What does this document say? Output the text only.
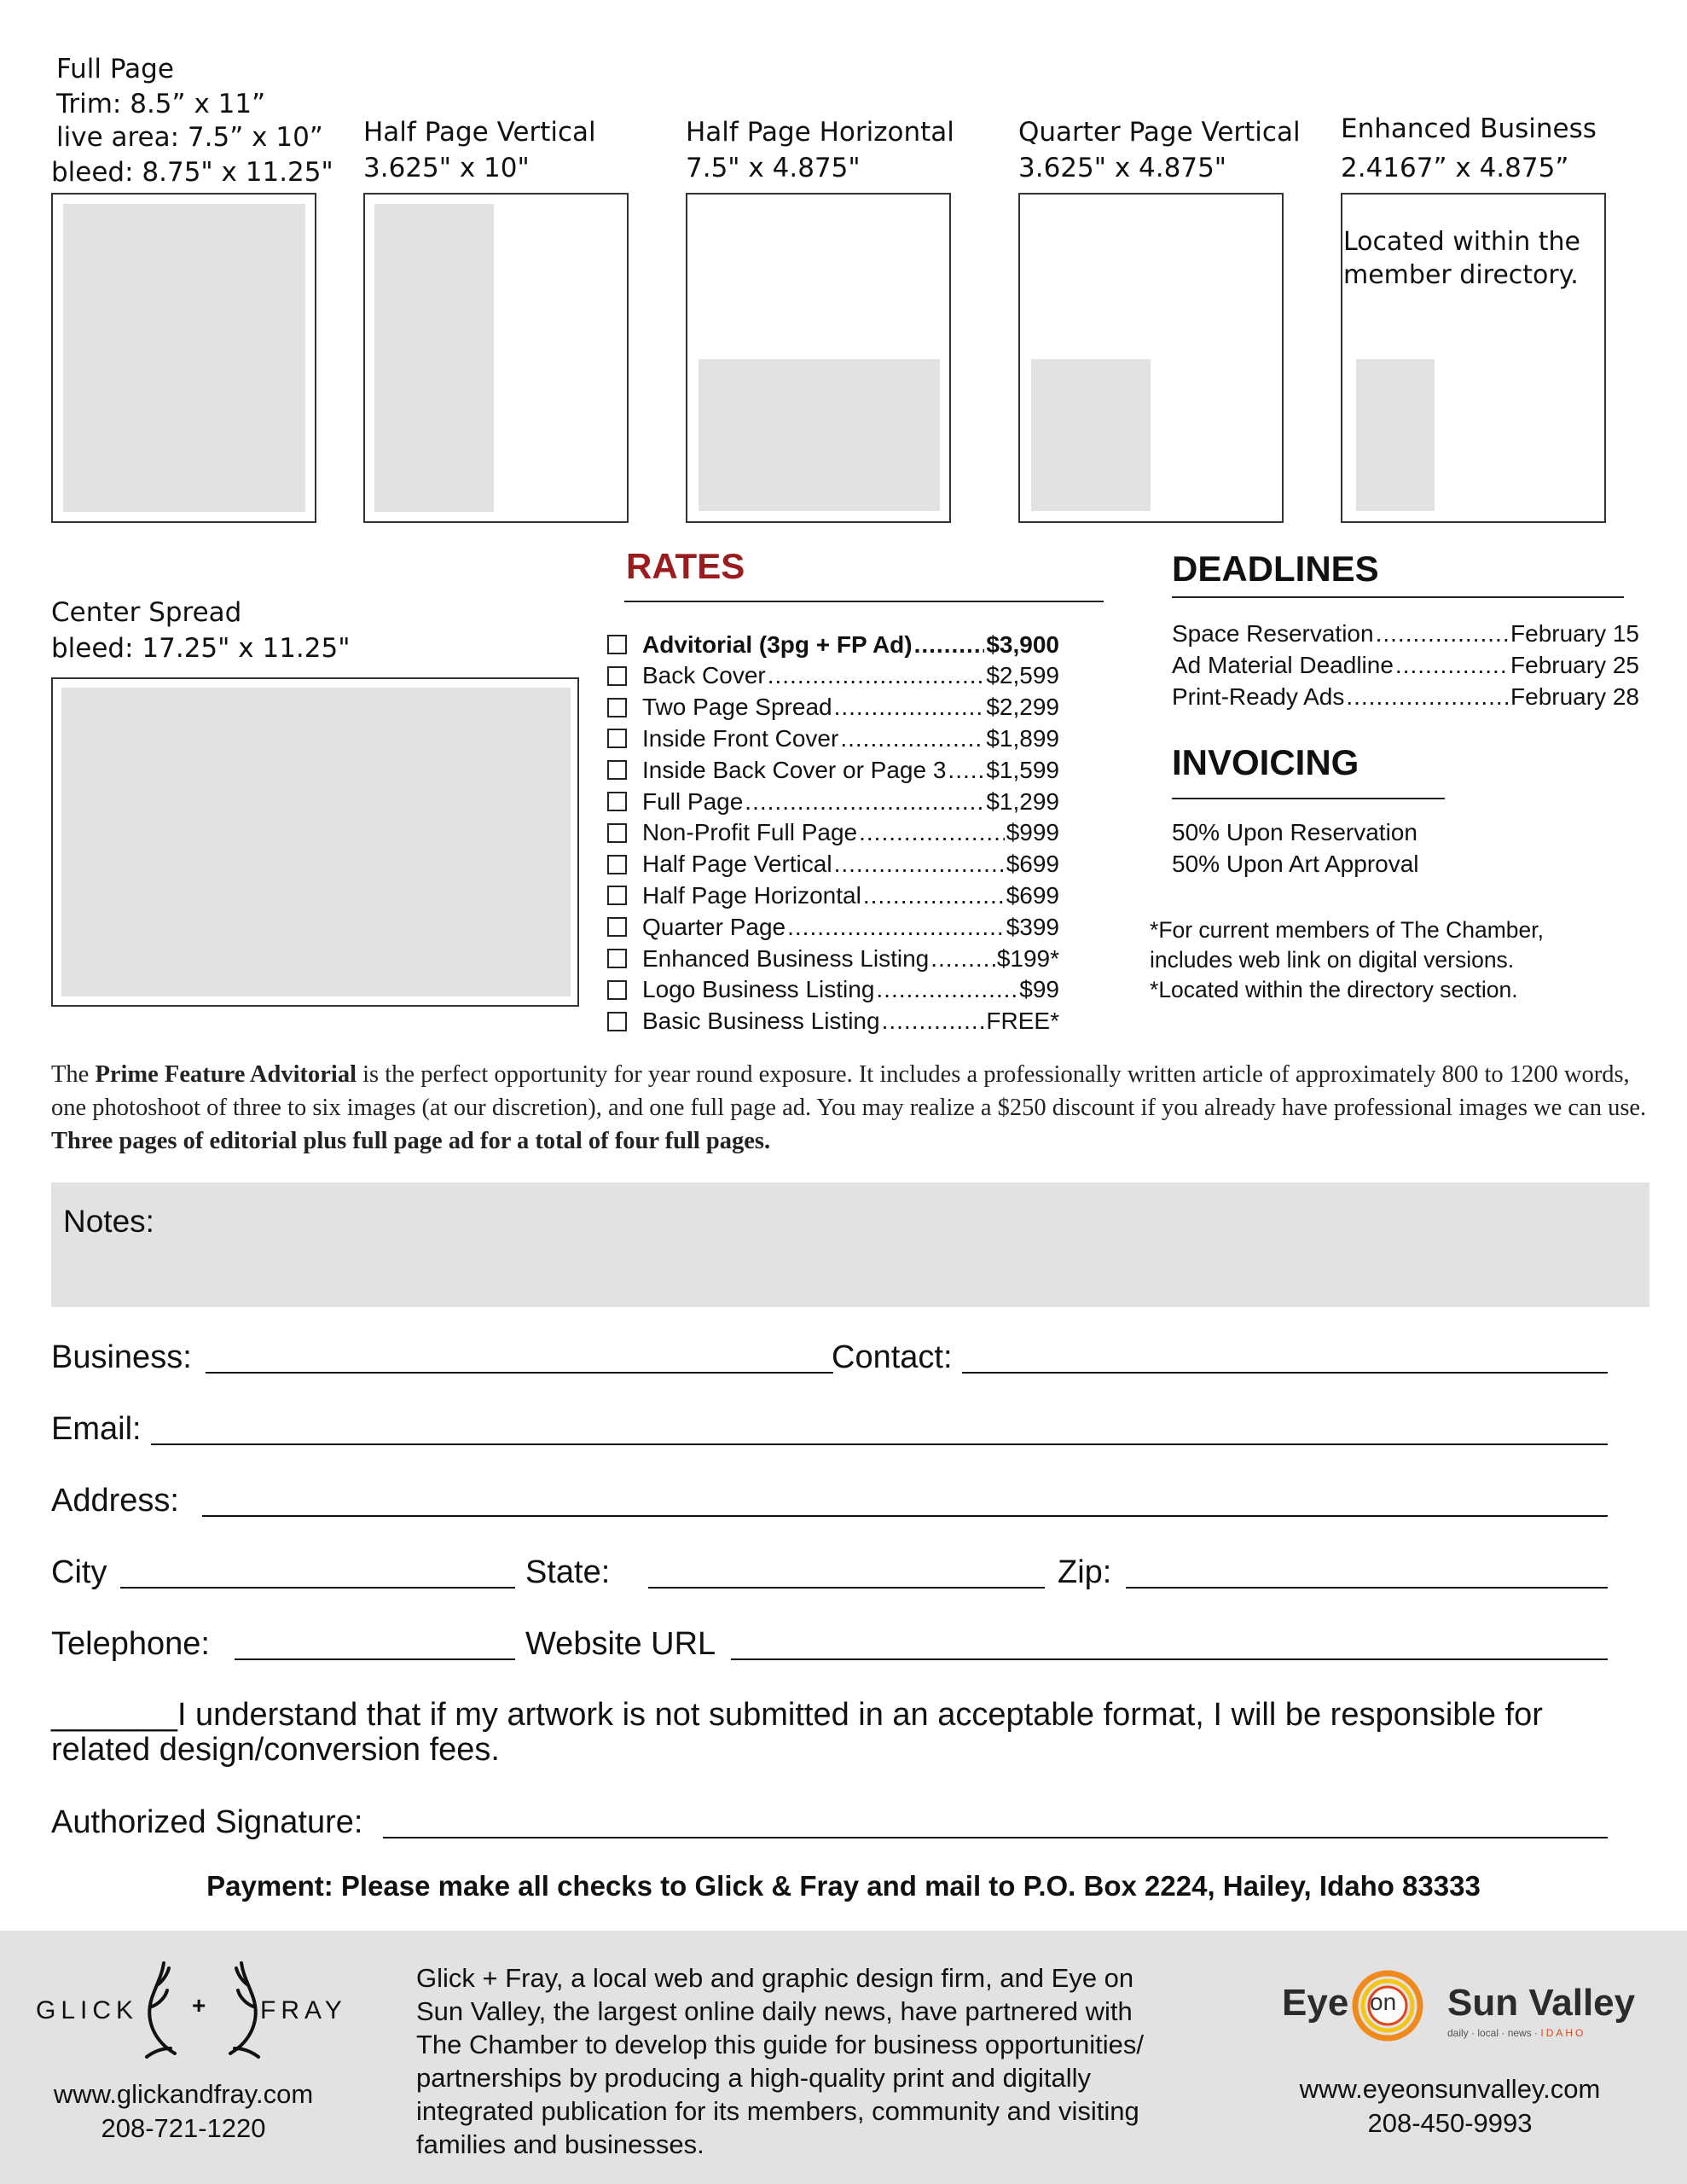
Full Page
Trim: 8.5” x 11”
live area: 7.5” x 10”
bleed: 8.75" x 11.25"
Half Page Vertical
3.625" x 10"
Half Page Horizontal
7.5" x 4.875"
Quarter Page Vertical
3.625" x 4.875"
Enhanced Business
2.4167” x 4.875”
Located within the
member directory.
Center Spread
bleed: 17.25" x 11.25"
RATES
Advitorial (3pg + FP Ad) .....	$3,900
Back Cover .....	$2,599
Two Page Spread .....	$2,299
Inside Front Cover .....	$1,899
Inside Back Cover or Page 3 ..... $1,599
Full Page .....	$1,299
Non-Profit Full Page .....	$999
Half Page Vertical .....	$699
Half Page Horizontal .....	$699
Quarter Page .....	$399
Enhanced Business Listing .....	$199*
Logo Business Listing .....	$99
Basic Business Listing .....	FREE*
DEADLINES
Space Reservation .....	February 15
Ad Material Deadline .....	February 25
Print-Ready Ads .....	February 28
INVOICING
50% Upon Reservation
50% Upon Art Approval
*For current members of The Chamber,
includes web link on digital versions.
*Located within the directory section.
The Prime Feature Advitorial is the perfect opportunity for year round exposure. It includes a professionally written article of approximately 800 to 1200 words, one photoshoot of three to six images (at our discretion), and one full page ad. You may realize a $250 discount if you already have professional images we can use. Three pages of editorial plus full page ad for a total of four full pages.
Notes:
Business:	Contact:
Email:
Address:
City	State:	Zip:
Telephone:	Website URL
_______I understand that if my artwork is not submitted in an acceptable format, I will be responsible for
related design/conversion fees.
Authorized Signature:
Payment: Please make all checks to Glick & Fray and mail to P.O. Box 2224, Hailey, Idaho 83333
GLICK + FRAY
www.glickandfray.com
208-721-1220
Glick + Fray, a local web and graphic design firm, and Eye on
Sun Valley, the largest online daily news, have partnered with
The Chamber to develop this guide for business opportunities/
partnerships by producing a high-quality print and digitally
integrated publication for its members, community and visiting
families and businesses.
Eye on Sun Valley
daily · local · news · IDAHO
www.eyeonsunvalley.com
208-450-9993
